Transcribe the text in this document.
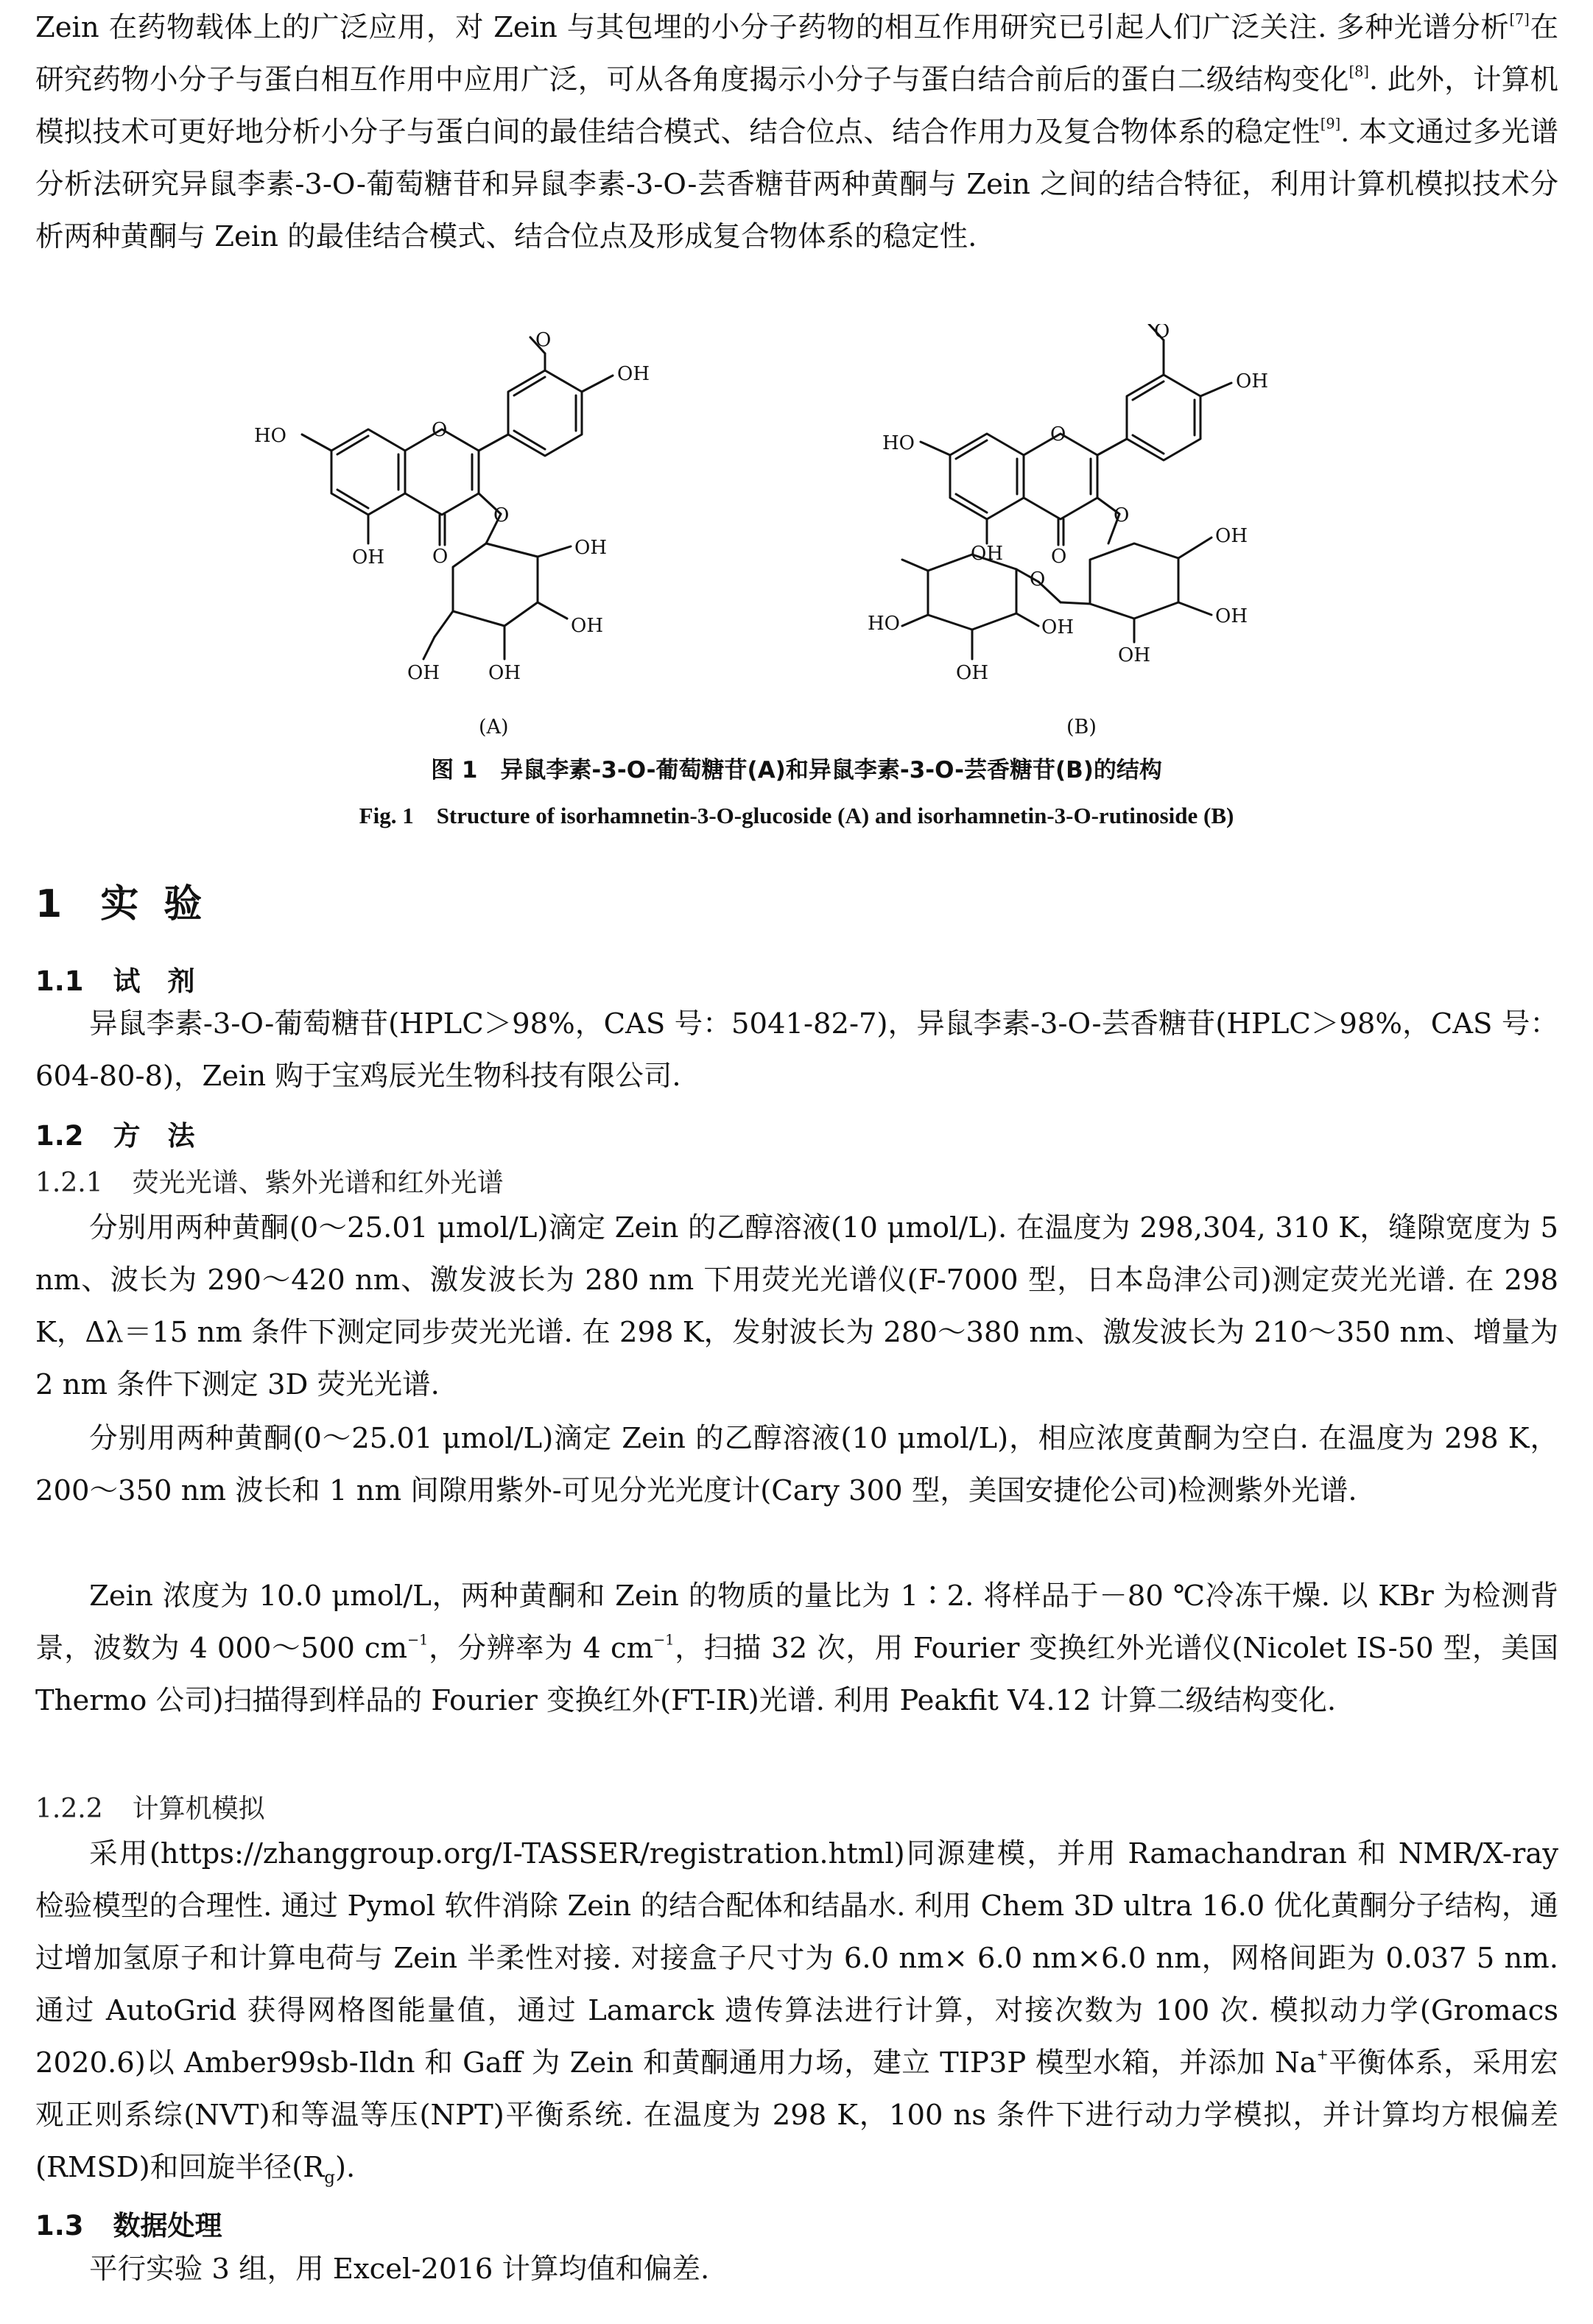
Zein 在药物载体上的广泛应用，对 Zein 与其包埋的小分子药物的相互作用研究已引起人们广泛关注. 多种光谱分析[7]在研究药物小分子与蛋白相互作用中应用广泛，可从各角度揭示小分子与蛋白结合前后的蛋白二级结构变化[8]. 此外，计算机模拟技术可更好地分析小分子与蛋白间的最佳结合模式、结合位点、结合作用力及复合物体系的稳定性[9]. 本文通过多光谱分析法研究异鼠李素-3-O-葡萄糖苷和异鼠李素-3-O-芸香糖苷两种黄酮与 Zein 之间的结合特征，利用计算机模拟技术分析两种黄酮与 Zein 的最佳结合模式、结合位点及形成复合物体系的稳定性.

HO	O
O
OH
O
OH
O
OH
OH
OH
OH
HO	O
O
OH
O
OH
O
OH
OH
OH
O
HO
OH
OH
(A)	(B)
图 1　异鼠李素-3-O-葡萄糖苷(A)和异鼠李素-3-O-芸香糖苷(B)的结构
Fig. 1　Structure of isorhamnetin-3-O-glucoside (A) and isorhamnetin-3-O-rutinoside (B)
1 实 验
1.1 试　剂

异鼠李素-3-O-葡萄糖苷(HPLC＞98%，CAS 号：5041-82-7)，异鼠李素-3-O-芸香糖苷(HPLC＞98%，CAS 号：604-80-8)，Zein 购于宝鸡辰光生物科技有限公司.

1.2 方　法
1.2.1 荧光光谱、紫外光谱和红外光谱

分别用两种黄酮(0～25.01 μmol/L)滴定 Zein 的乙醇溶液(10 μmol/L). 在温度为 298,304, 310 K，缝隙宽度为 5 nm、波长为 290～420 nm、激发波长为 280 nm 下用荧光光谱仪(F-7000 型，日本岛津公司)测定荧光光谱. 在 298 K，Δλ＝15 nm 条件下测定同步荧光光谱. 在 298 K，发射波长为 280～380 nm、激发波长为 210～350 nm、增量为 2 nm 条件下测定 3D 荧光光谱.

分别用两种黄酮(0～25.01 μmol/L)滴定 Zein 的乙醇溶液(10 μmol/L)，相应浓度黄酮为空白. 在温度为 298 K，200～350 nm 波长和 1 nm 间隙用紫外-可见分光光度计(Cary 300 型，美国安捷伦公司)检测紫外光谱.

Zein 浓度为 10.0 μmol/L，两种黄酮和 Zein 的物质的量比为 1∶2. 将样品于－80 ℃冷冻干燥. 以 KBr 为检测背景，波数为 4 000～500 $cm^{-1}$，分辨率为 4 $cm^{-1}$，扫描 32 次，用 Fourier 变换红外光谱仪(Nicolet IS-50 型，美国 Thermo 公司)扫描得到样品的 Fourier 变换红外(FT-IR)光谱. 利用 Peakfit V4.12 计算二级结构变化.

1.2.2 计算机模拟

采用(https://zhanggroup.org/I-TASSER/registration.html)同源建模，并用 Ramachandran 和 NMR/X-ray 检验模型的合理性. 通过 Pymol 软件消除 Zein 的结合配体和结晶水. 利用 Chem 3D ultra 16.0 优化黄酮分子结构，通过增加氢原子和计算电荷与 Zein 半柔性对接. 对接盒子尺寸为 6.0 nm× 6.0 nm×6.0 nm，网格间距为 0.037 5 nm. 通过 AutoGrid 获得网格图能量值，通过 Lamarck 遗传算法进行计算，对接次数为 100 次. 模拟动力学(Gromacs 2020.6)以 Amber99sb-Ildn 和 Gaff 为 Zein 和黄酮通用力场，建立 TIP3P 模型水箱，并添加 Na+平衡体系，采用宏观正则系综(NVT)和等温等压(NPT)平衡系统. 在温度为 298 K，100 ns 条件下进行动力学模拟，并计算均方根偏差(RMSD)和回旋半径$(R_g)$.

1.3 数据处理

平行实验 3 组，用 Excel-2016 计算均值和偏差.
